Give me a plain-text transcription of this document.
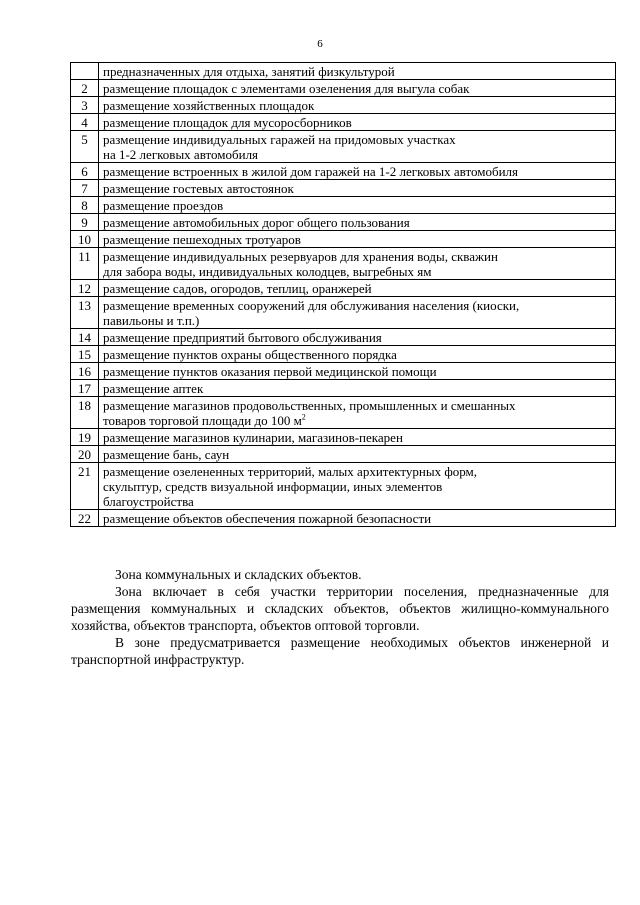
6
	предназначенных для отдыха, занятий физкультурой
2	размещение площадок с элементами озеленения для выгула собак
3	размещение хозяйственных площадок
4	размещение площадок для мусоросборников
5	размещение индивидуальных гаражей на придомовых участках
на 1-2 легковых автомобиля
6	размещение встроенных в жилой дом гаражей на 1-2 легковых автомобиля
7	размещение гостевых автостоянок
8	размещение проездов
9	размещение автомобильных дорог общего пользования
10	размещение пешеходных тротуаров
11	размещение индивидуальных резервуаров для хранения воды, скважин
для забора воды, индивидуальных колодцев, выгребных ям
12	размещение садов, огородов, теплиц, оранжерей
13	размещение временных сооружений для обслуживания населения (киоски,
павильоны и т.п.)
14	размещение предприятий бытового обслуживания
15	размещение пунктов охраны общественного порядка
16	размещение пунктов оказания первой медицинской помощи
17	размещение аптек
18	размещение магазинов продовольственных, промышленных и смешанных
товаров торговой площади до 100 $м^2$
19	размещение магазинов кулинарии, магазинов-пекарен
20	размещение бань, саун
21	размещение озелененных территорий, малых архитектурных форм,
скульптур, средств визуальной информации, иных элементов
благоустройства
22	размещение объектов обеспечения пожарной безопасности

Зона коммунальных и складских объектов.

Зона включает в себя участки территории поселения, предназначенные для размещения коммунальных и складских объектов, объектов жилищно-коммунального хозяйства, объектов транспорта, объектов оптовой торговли.

В зоне предусматривается размещение необходимых объектов инженерной и транспортной инфраструктур.
